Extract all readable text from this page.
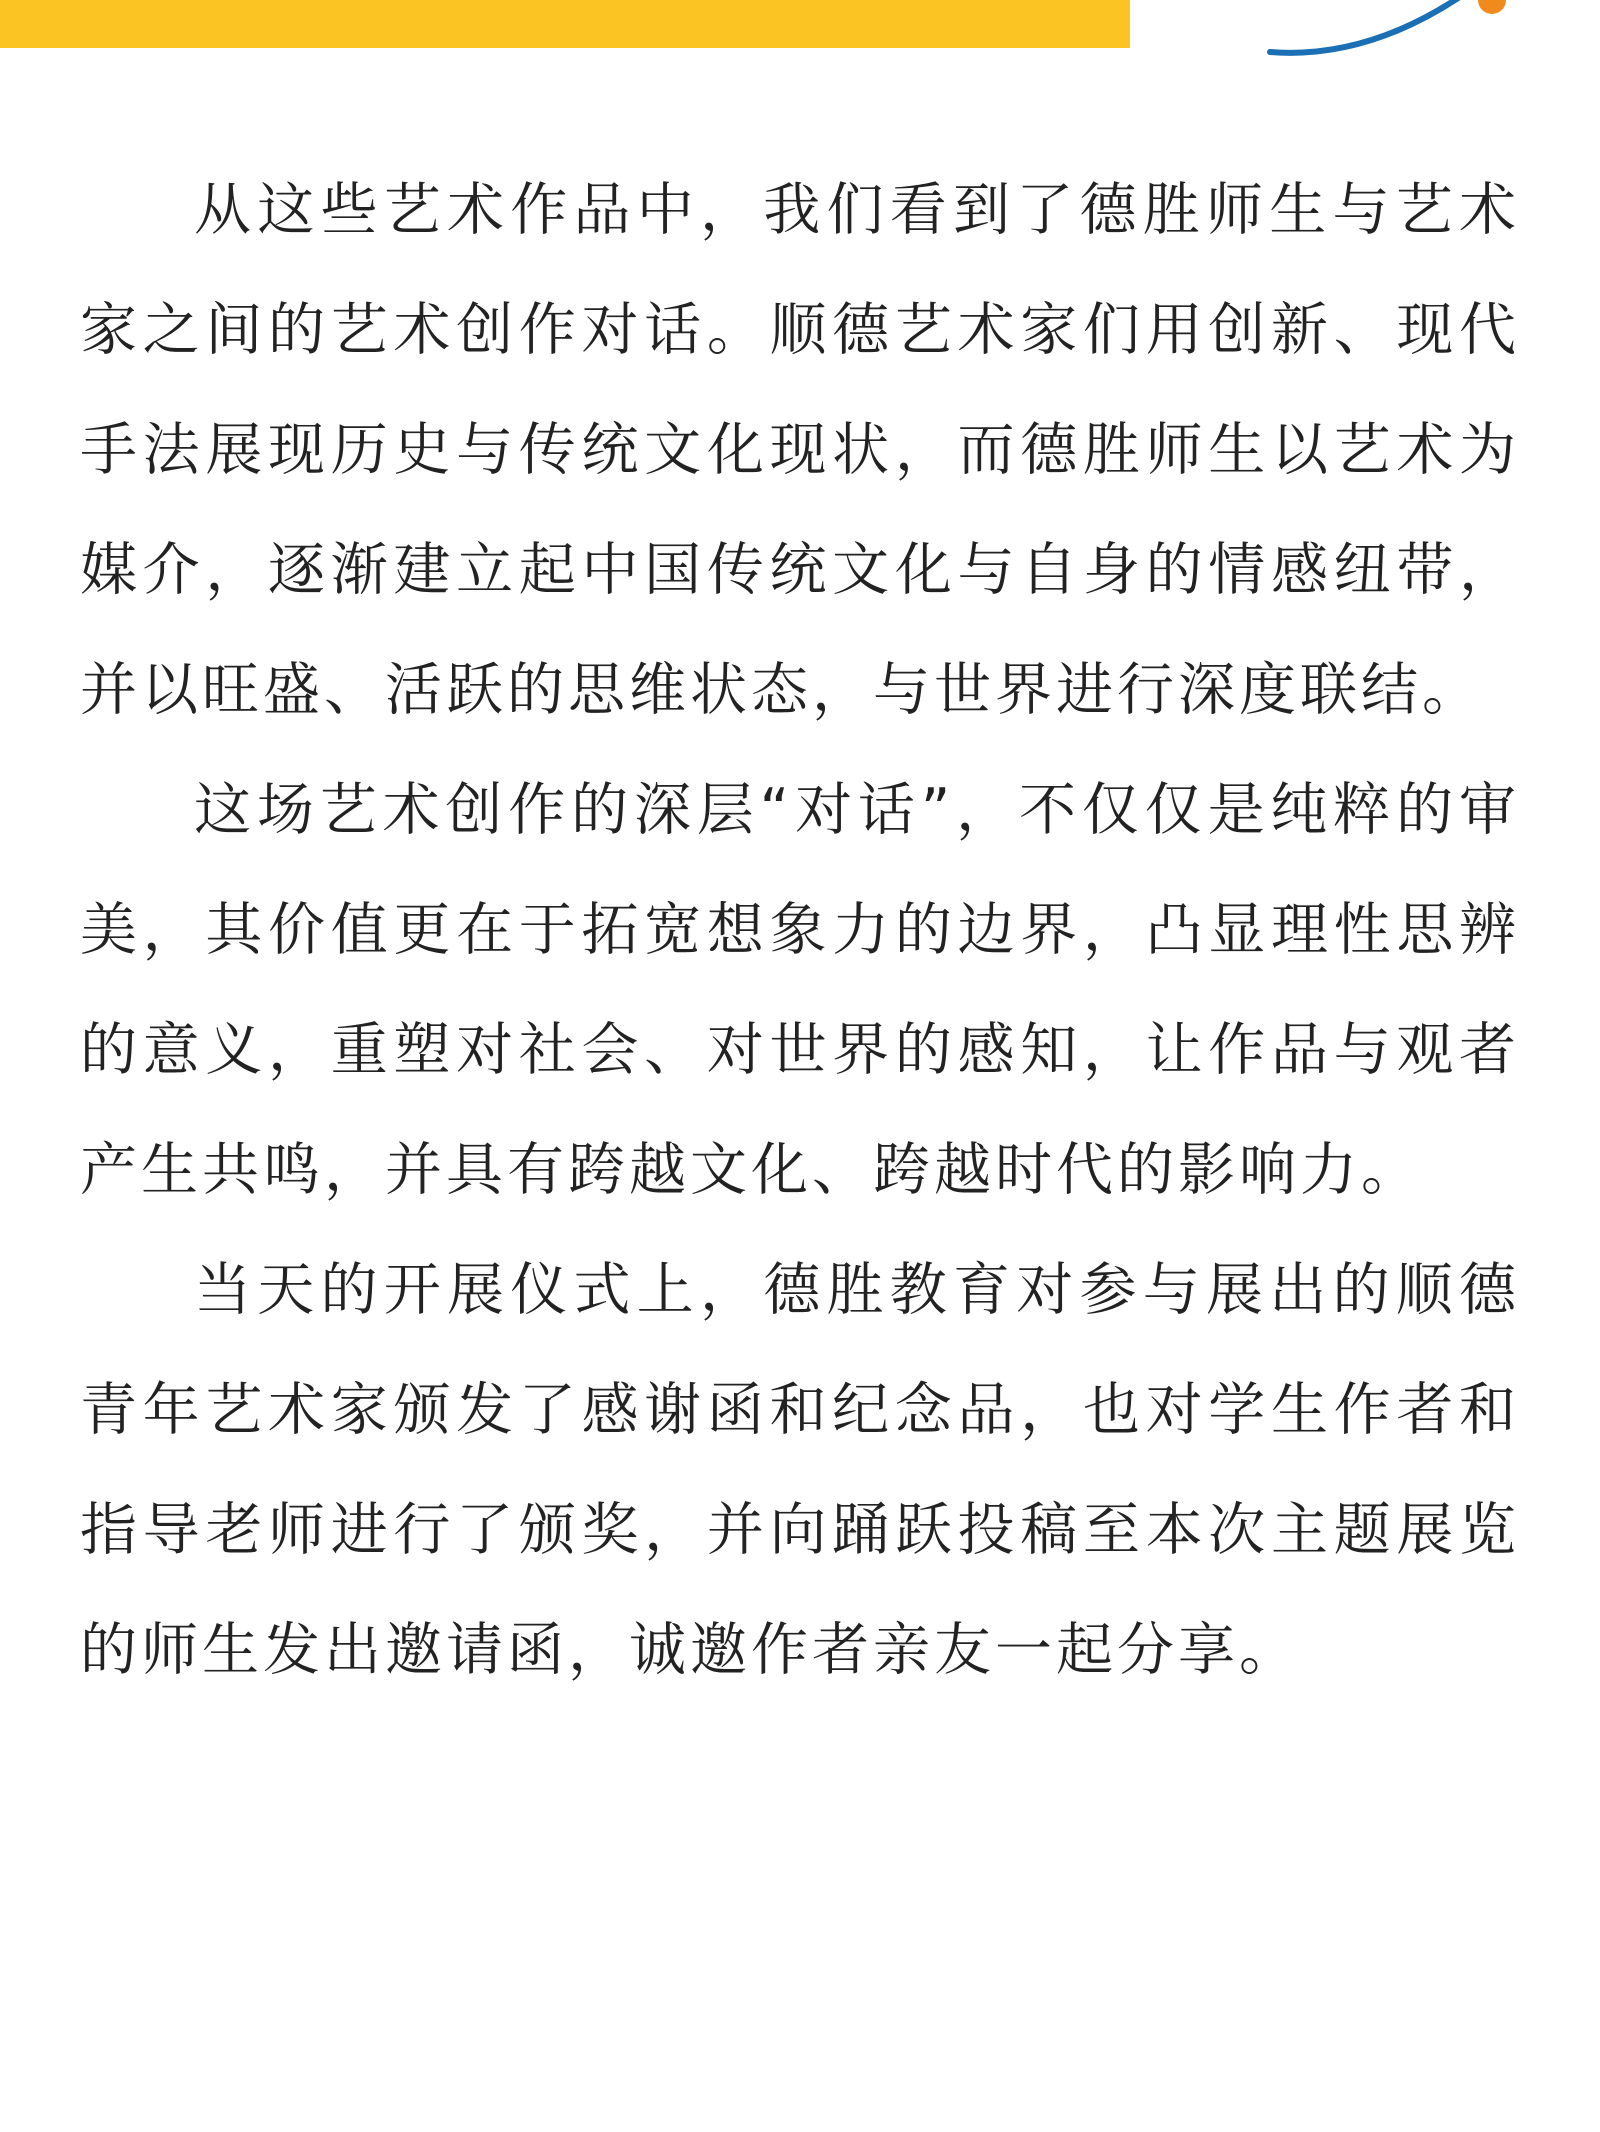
从这些艺术作品中，我们看到了德胜师生与艺术家之间的艺术创作对话。顺德艺术家们用创新、现代手法展现历史与传统文化现状，而德胜师生以艺术为媒介，逐渐建立起中国传统文化与自身的情感纽带，并以旺盛、活跃的思维状态，与世界进行深度联结。

这场艺术创作的深层“对话”，不仅仅是纯粹的审美，其价值更在于拓宽想象力的边界，凸显理性思辨的意义，重塑对社会、对世界的感知，让作品与观者产生共鸣，并具有跨越文化、跨越时代的影响力。

当天的开展仪式上，德胜教育对参与展出的顺德青年艺术家颁发了感谢函和纪念品，也对学生作者和指导老师进行了颁奖，并向踊跃投稿至本次主题展览的师生发出邀请函，诚邀作者亲友一起分享。
